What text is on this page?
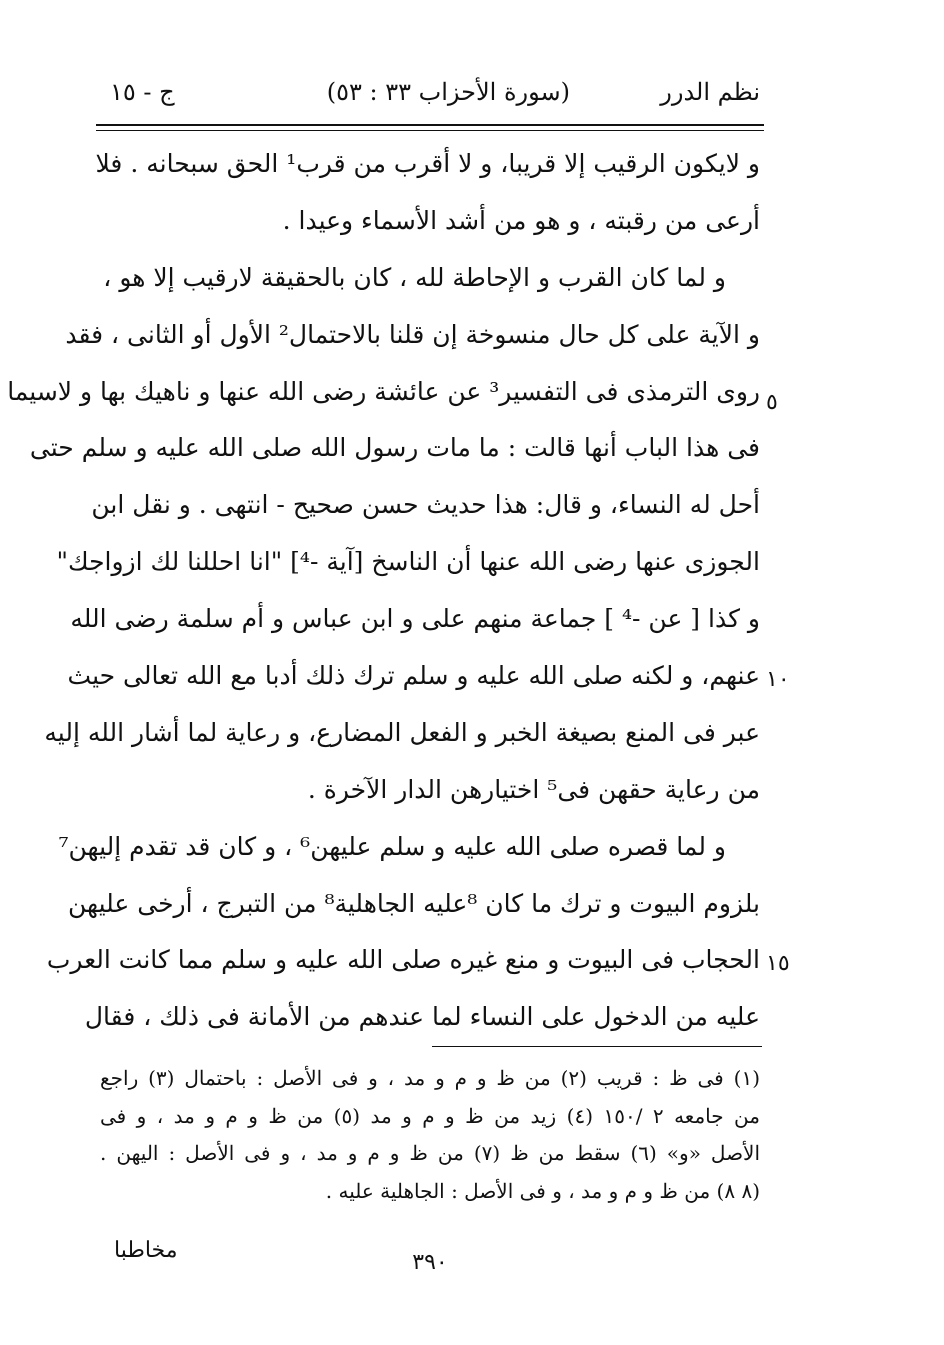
نظم الدرر
(سورة الأحزاب ٣٣ : ٥٣)
ج - ١٥
و لايكون الرقيب إلا قريبا، و لا أقرب من قرب¹ الحق سبحانه . فلا
أرعى من رقبته ، و هو من أشد الأسماء وعيدا .
و لما كان القرب و الإحاطة لله ، كان بالحقيقة لارقيب إلا هو ،
و الآية على كل حال منسوخة إن قلنا بالاحتمال² الأول أو الثانى ، فقد
روى الترمذى فى التفسير³ عن عائشة رضى الله عنها و ناهيك بها و لاسيما
فى هذا الباب أنها قالت : ما مات رسول الله صلى الله عليه و سلم حتى
أحل له النساء، و قال: هذا حديث حسن صحيح - انتهى . و نقل ابن
الجوزى عنها رضى الله عنها أن الناسخ [آية -⁴] "انا احللنا لك ازواجك"
و كذا [ عن -⁴ ] جماعة منهم على و ابن عباس و أم سلمة رضى الله
عنهم، و لكنه صلى الله عليه و سلم ترك ذلك أدبا مع الله تعالى حيث
عبر فى المنع بصيغة الخبر و الفعل المضارع، و رعاية لما أشار الله إليه
من رعاية حقهن فى⁵ اختيارهن الدار الآخرة .
و لما قصره صلى الله عليه و سلم عليهن⁶ ، و كان قد تقدم إليهن⁷
بلزوم البيوت و ترك ما كان ⁸عليه الجاهلية⁸ من التبرج ، أرخى عليهن
الحجاب فى البيوت و منع غيره صلى الله عليه و سلم مما كانت العرب
عليه من الدخول على النساء لما عندهم من الأمانة فى ذلك ، فقال
٥
١٠
١٥
(١) فى ظ : قريب (٢) من ظ و م و مد ، و فى الأصل : باحتمال (٣) راجع
من جامعه ٢ /١٥٠ (٤) زيد من ظ و م و مد (٥) من ظ و م و مد ، و فى
الأصل «و» (٦) سقط من ظ (٧) من ظ و م و مد ، و فى الأصل : اليهن .
(٨ ٨) من ظ و م و مد ، و فى الأصل : الجاهلية عليه .
٣٩٠
مخاطبا
